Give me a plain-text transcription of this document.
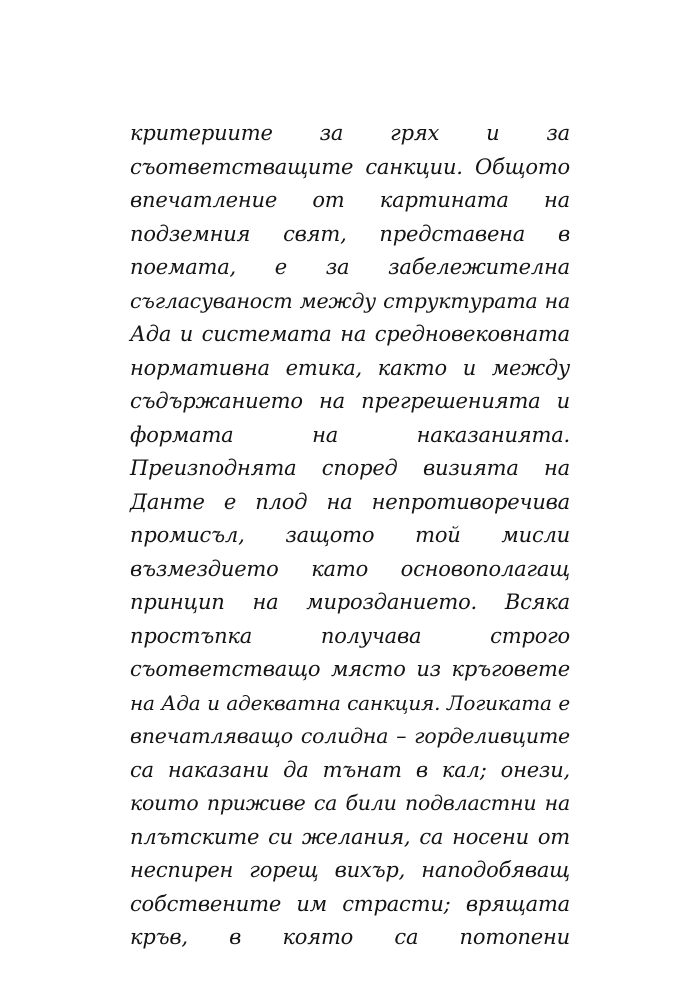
критериите за грях и за
съответстващите санкции. Общото
впечатление от картината на
подземния свят, представена в
поемата, е за забележителна
съгласуваност между структурата на
Ада и системата на средновековната
нормативна етика, както и между
съдържанието на прегрешенията и
формата на наказанията.
Преизподнята според визията на
Данте е плод на непротиворечива
промисъл, защото той мисли
възмездието като основополагащ
принцип на мирозданието. Всяка
простъпка получава строго
съответстващо място из кръговете
на Ада и адекватна санкция. Логиката е
впечатляващо солидна – горделивците
са наказани да тънат в кал; онези,
които приживе са били подвластни на
плътските си желания, са носени от
неспирен горещ вихър, наподобяващ
собствените им страсти; врящата
кръв, в която са потопени
